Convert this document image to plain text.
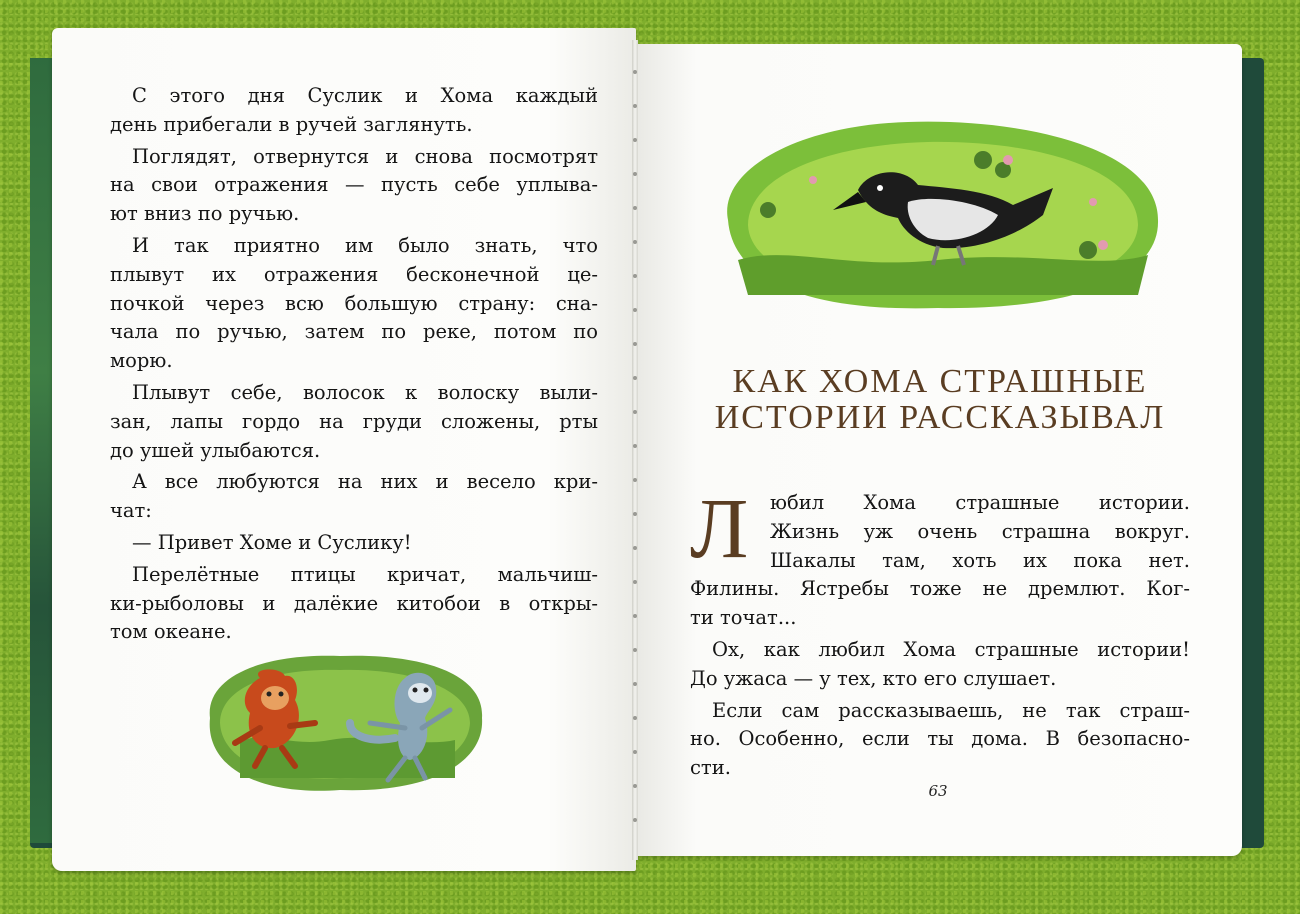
С этого дня Суслик и Хома каждый
день прибегали в ручей заглянуть.
Поглядят, отвернутся и снова посмотрят
на свои отражения — пусть себе уплыва-
ют вниз по ручью.
И так приятно им было знать, что
плывут их отражения бесконечной це-
почкой через всю большую страну: сна-
чала по ручью, затем по реке, потом по
морю.
Плывут себе, волосок к волоску выли-
зан, лапы гордо на груди сложены, рты
до ушей улыбаются.
А все любуются на них и весело кри-
чат:
— Привет Хоме и Суслику!
Перелётные птицы кричат, мальчиш-
ки-рыболовы и далёкие китобои в откры-
том океане.
КАК ХОМА СТРАШНЫЕ
ИСТОРИИ РАССКАЗЫВАЛ
Л	юбил Хома страшные истории.
Жизнь уж очень страшна вокруг.
Шакалы там, хоть их пока нет.
Филины. Ястребы тоже не дремлют. Ког-
ти точат...
Ох, как любил Хома страшные истории!
До ужаса — у тех, кто его слушает.
Если сам рассказываешь, не так страш-
но. Особенно, если ты дома. В безопасно-
сти.
63
